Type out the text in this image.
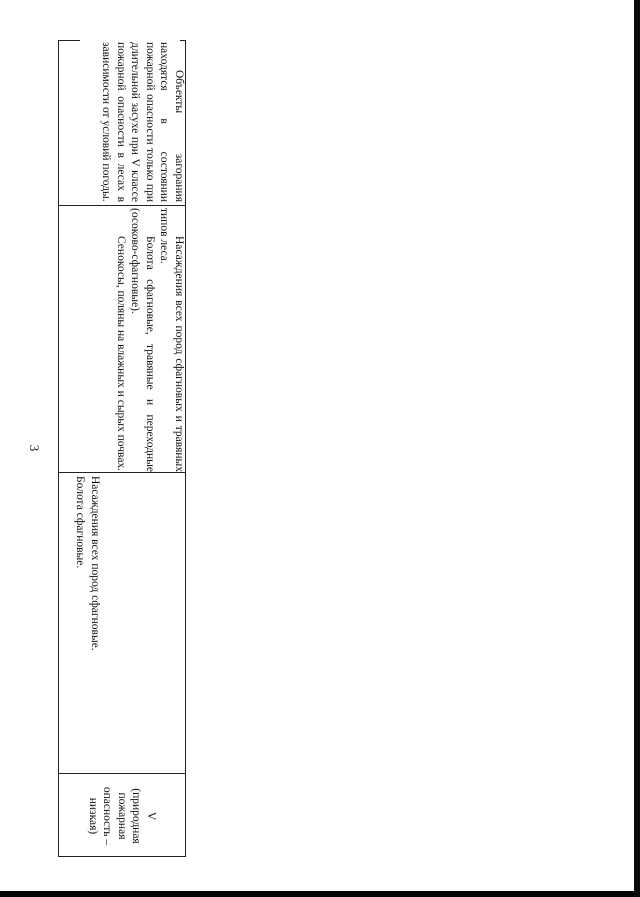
3

Объекты загорания находятся в состоянии пожарной опасности только при длительной засухе при V классе пожарной опасности в лесах в зависимости от условий погоды.

Насаждения всех пород сфагновых и травяных типов леса.

Болота сфагновые, травяные и переходные (осоково-сфагновые).

Сенокосы, поляны на влажных и сырых почвах.

Насаждения всех пород сфагновые.

Болота сфагновые.

V

(природная пожарная опасность – низкая)
